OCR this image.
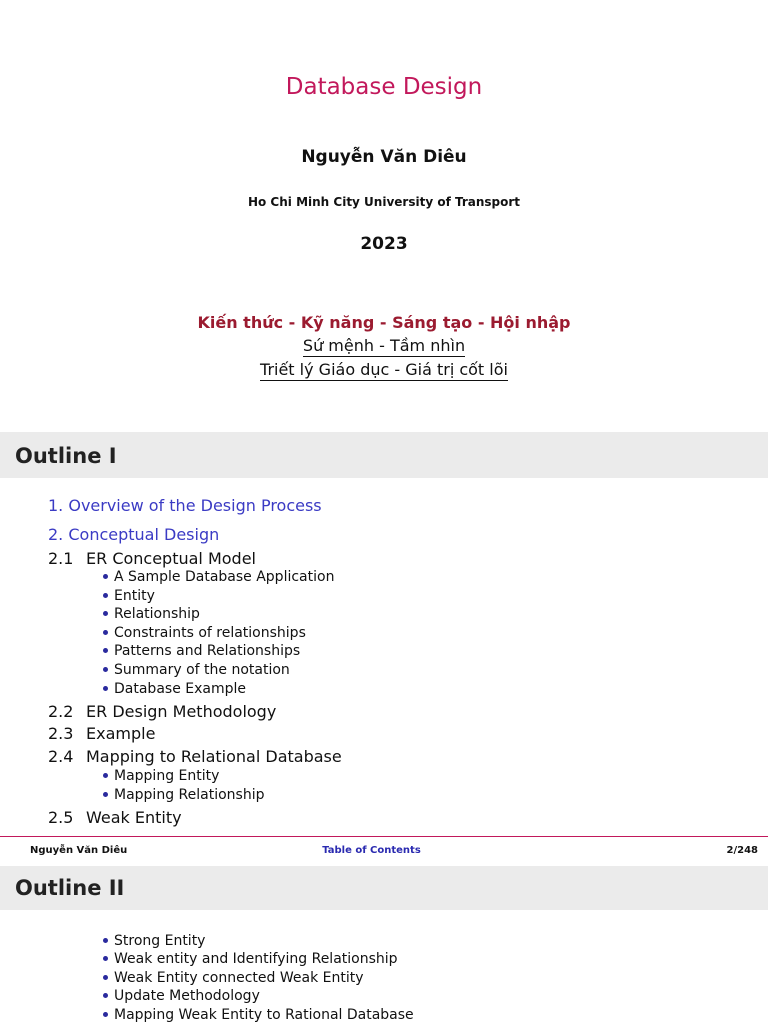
Database Design
Nguyễn Văn Diêu
Ho Chi Minh City University of Transport
2023
Kiến thức - Kỹ năng - Sáng tạo - Hội nhập
Sứ mệnh - Tầm nhìn
Triết lý Giáo dục - Giá trị cốt lõi
Outline I
1. Overview of the Design Process
2. Conceptual Design
2.1 ER Conceptual Model
A Sample Database Application
Entity
Relationship
Constraints of relationships
Patterns and Relationships
Summary of the notation
Database Example
2.2 ER Design Methodology
2.3 Example
2.4 Mapping to Relational Database
Mapping Entity
Mapping Relationship
2.5 Weak Entity
Nguyễn Văn Diêu	Table of Contents	2/248
Outline II
Strong Entity
Weak entity and Identifying Relationship
Weak Entity connected Weak Entity
Update Methodology
Mapping Weak Entity to Rational Database
